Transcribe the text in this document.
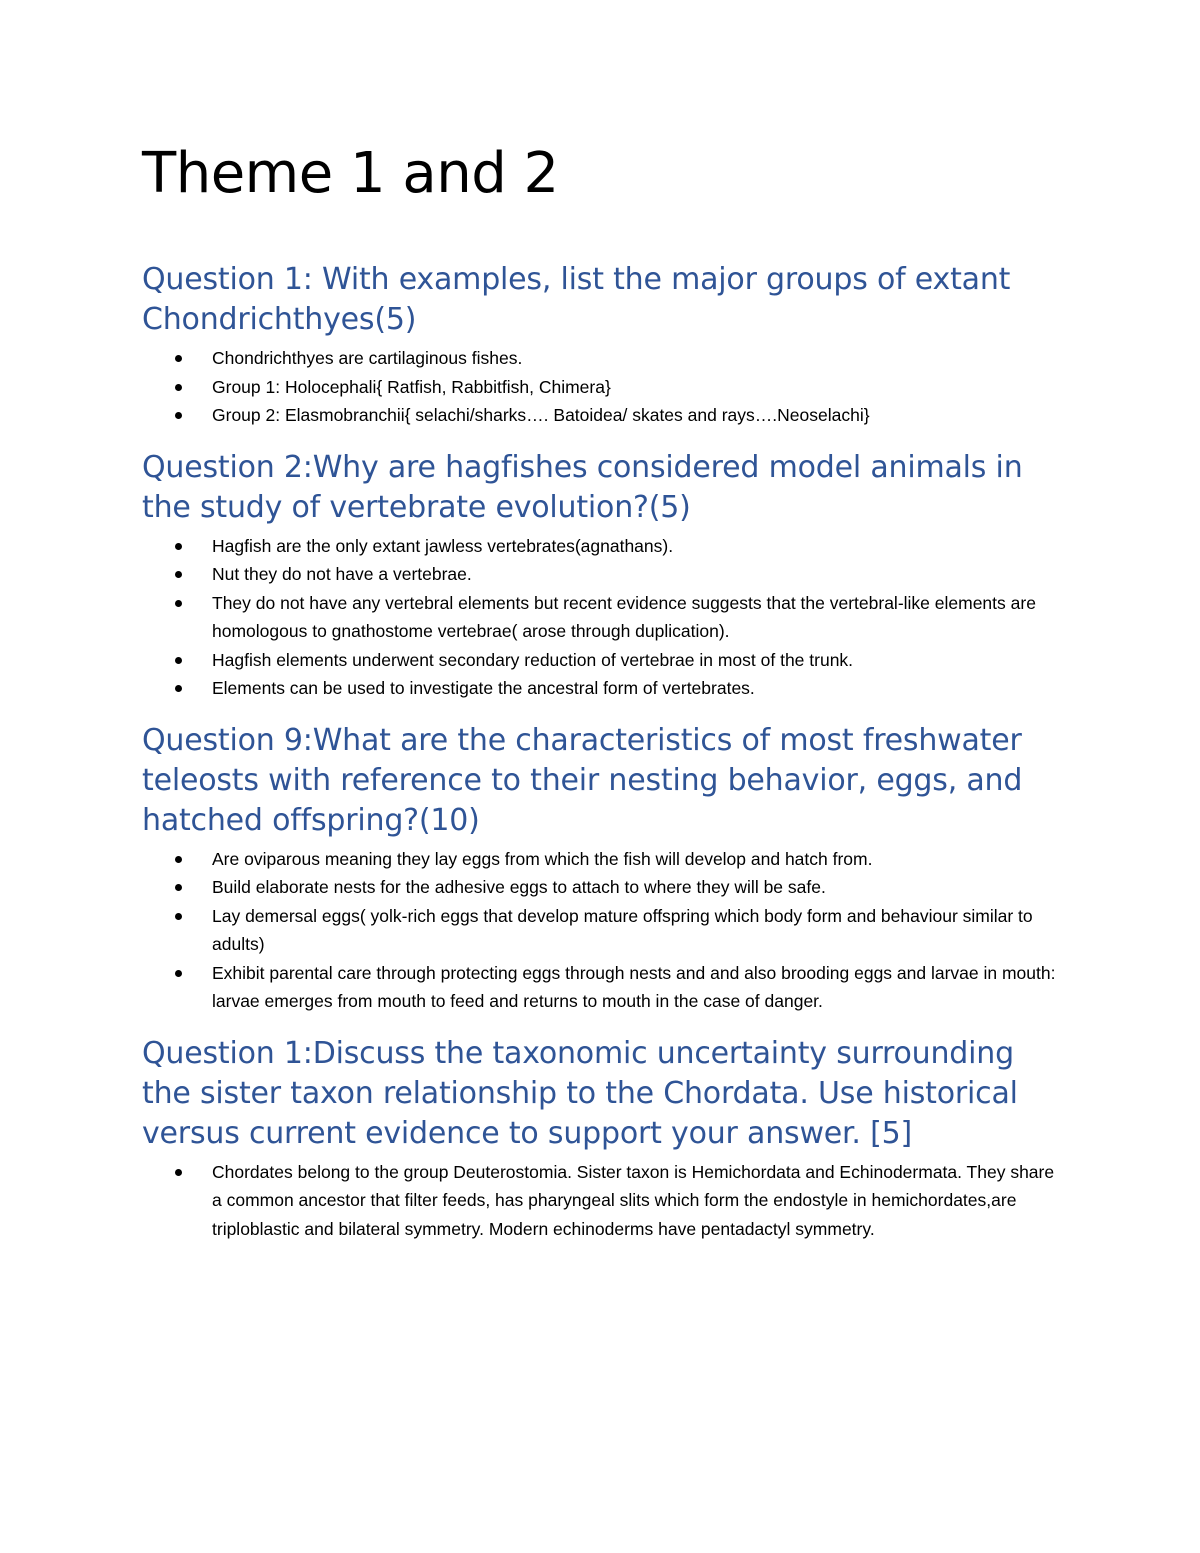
Theme 1 and 2
Question 1: With examples, list the major groups of extant Chondrichthyes(5)
Chondrichthyes are cartilaginous fishes.
Group 1: Holocephali{ Ratfish, Rabbitfish, Chimera}
Group 2: Elasmobranchii{ selachi/sharks…. Batoidea/ skates and rays….Neoselachi}
Question 2:Why are hagfishes considered model animals in the study of vertebrate evolution?(5)
Hagfish are the only extant jawless vertebrates(agnathans).
Nut they do not have a vertebrae.
They do not have any vertebral elements but recent evidence suggests that the vertebral-like elements are homologous to gnathostome vertebrae( arose through duplication).
Hagfish elements underwent secondary reduction of vertebrae in most of the trunk.
Elements can be used to investigate the ancestral form of vertebrates.
Question 9:What are the characteristics of most freshwater teleosts with reference to their nesting behavior, eggs, and hatched offspring?(10)
Are oviparous meaning they lay eggs from which the fish will develop and hatch from.
Build elaborate nests for the adhesive eggs to attach to where they will be safe.
Lay demersal eggs( yolk-rich eggs that develop mature offspring which body form and behaviour similar to adults)
Exhibit parental care through protecting eggs through nests and and also brooding eggs and larvae in mouth: larvae emerges from mouth to feed and returns to mouth in the case of danger.
Question 1:Discuss the taxonomic uncertainty surrounding the sister taxon relationship to the Chordata. Use historical versus current evidence to support your answer. [5]
Chordates belong to the group Deuterostomia. Sister taxon is Hemichordata and Echinodermata. They share a common ancestor that filter feeds, has pharyngeal slits which form the endostyle in hemichordates,are triploblastic and bilateral symmetry. Modern echinoderms have pentadactyl symmetry.
